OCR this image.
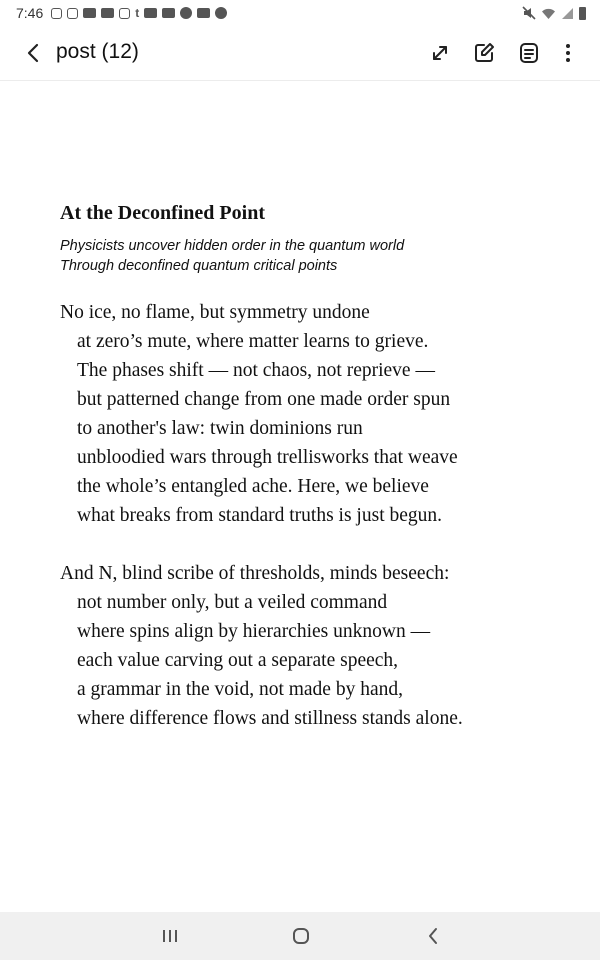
7:46	t
post (12)
At the Deconfined Point
Physicists uncover hidden order in the quantum world
Through deconfined quantum critical points
No ice, no flame, but symmetry undone
at zero’s mute, where matter learns to grieve.
The phases shift — not chaos, not reprieve —
but patterned change from one made order spun
to another's law: twin dominions run
unbloodied wars through trellisworks that weave
the whole’s entangled ache. Here, we believe
what breaks from standard truths is just begun.
And N, blind scribe of thresholds, minds beseech:
not number only, but a veiled command
where spins align by hierarchies unknown —
each value carving out a separate speech,
a grammar in the void, not made by hand,
where difference flows and stillness stands alone.
